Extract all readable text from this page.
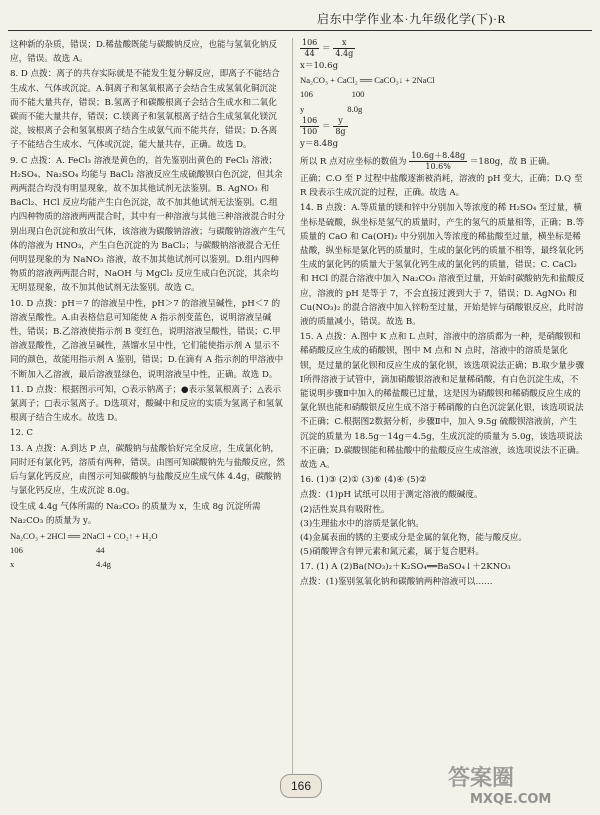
启东中学作业本·九年级化学(下)·R

这种新的杂质，错误；D.稀盐酸既能与碳酸钠反应，也能与氢氧化钠反应，错误。故选 A。

8. D 点拨：离子的共存实际就是不能发生复分解反应，即离子不能结合生成水、气体或沉淀。A.铜离子和氢氧根离子会结合生成氢氧化铜沉淀而不能大量共存，错误；B.氢离子和碳酸根离子会结合生成水和二氧化碳而不能大量共存，错误；C.镁离子和氢氧根离子结合生成氢氧化镁沉淀，铵根离子会和氢氧根离子结合生成氨气而不能共存，错误；D.各离子不能结合生成水、气体或沉淀，能大量共存，正确。故选 D。

9. C 点拨：A. FeCl₃ 溶液是黄色的，首先鉴别出黄色的 FeCl₃ 溶液；H₂SO₄、Na₂SO₄ 均能与 BaCl₂ 溶液反应生成硫酸钡白色沉淀，但其余两两混合均没有明显现象，故不加其他试剂无法鉴别。B. AgNO₃ 和 BaCl₂、HCl 反应均能产生白色沉淀，故不加其他试剂无法鉴别。C.组内四种物质的溶液两两混合时，其中有一种溶液与其他三种溶液混合时分别出现白色沉淀和放出气体，该溶液为碳酸钠溶液；与碳酸钠溶液产生气体的溶液为 HNO₃，产生白色沉淀的为 BaCl₂；与碳酸钠溶液混合无任何明显现象的为 NaNO₃ 溶液，故不加其他试剂可以鉴别。D.组内四种物质的溶液两两混合时，NaOH 与 MgCl₂ 反应生成白色沉淀，其余均无明显现象，故不加其他试剂无法鉴别。故选 C。

10. D 点拨：pH＝7 的溶液呈中性，pH＞7 的溶液呈碱性，pH＜7 的溶液呈酸性。A.由表格信息可知能使 A 指示剂变蓝色，说明溶液呈碱性，错误；B.乙溶液使指示剂 B 变红色，说明溶液呈酸性，错误；C.甲溶液显酸性，乙溶液呈碱性，蒸馏水呈中性，它们能使指示剂 A 显示不同的颜色，故能用指示剂 A 鉴别，错误；D.在滴有 A 指示剂的甲溶液中不断加入乙溶液，最后溶液显绿色，说明溶液呈中性，正确。故选 D。

11. D 点拨：根据图示可知，○表示钠离子；●表示氢氧根离子；△表示氯离子；□表示氢离子。D选项对，酸碱中和反应的实质为氢离子和氢氧根离子结合生成水。故选 D。

12. C

13. A 点拨：A.到达 P 点，碳酸钠与盐酸恰好完全反应，生成氯化钠，同时还有氯化钙，溶质有两种，错误。由图可知碳酸钠先与盐酸反应，然后与氯化钙反应，由图示可知碳酸钠与盐酸反应生成气体 4.4g，碳酸钠与氯化钙反应，生成沉淀 8.0g。

设生成 4.4g 气体所需的 Na₂CO₃ 的质量为 x，生成 8g 沉淀所需 Na₂CO₃ 的质量为 y。

Na₂CO₃ + 2HCl ══ 2NaCl + CO₂↑ + H₂O

106                                  44

x                                      4.4g

$\frac{106}{44} = \frac{x}{4.4g}$

x＝10.6g

Na₂CO₃ + CaCl₂ ══ CaCO₃↓ + 2NaCl

106                  100

y                    8.0g

$\frac{106}{100} = \frac{y}{8g}$

y＝8.48g

所以 R 点对应坐标的数值为 $\frac{10.6g+8.48g}{10.6\%} =180g$，故 B 正确。

正确；C.O 至 P 过程中盐酸逐渐被消耗，溶液的 pH 变大，正确；D.Q 至 R 段表示生成沉淀的过程，正确。故选 A。

14. B 点拨：A.等质量的镁和锌中分别加入等浓度的稀 H₂SO₄ 至过量，横坐标是硫酸，纵坐标是氢气的质量时，产生的氢气的质量相等，正确；B.等质量的 CaO 和 Ca(OH)₂ 中分别加入等浓度的稀盐酸至过量，横坐标是稀盐酸，纵坐标是氯化钙的质量时，生成的氯化钙的质量不相等，最终氧化钙生成的氯化钙的质量大于氢氧化钙生成的氯化钙的质量，错误；C. CaCl₂ 和 HCl 的混合溶液中加入 Na₂CO₃ 溶液至过量，开始时碳酸钠先和盐酸反应，溶液的 pH 是等于 7，不会直接过渡到大于 7，错误；D. AgNO₃ 和 Cu(NO₃)₂ 的混合溶液中加入锌粉至过量，开始是锌与硝酸银反应，此时溶液的质量减小，错误。故选 B。

15. A 点拨：A.图中 K 点和 L 点时，溶液中的溶质都为一种，是硝酸钡和稀硝酸反应生成的硝酸钡，图中 M 点和 N 点时，溶液中的溶质是氯化钡，是过量的氯化钡和反应生成的氯化钡，该选项说法正确；B.取少量步骤Ⅰ所得溶液于试管中，滴加硝酸银溶液和足量稀硝酸，有白色沉淀生成，不能说明步骤Ⅱ中加入的稀盐酸已过量，这是因为硝酸钡和稀硝酸反应生成的氯化钡也能和硝酸银反应生成不溶于稀硝酸的白色沉淀氯化银，该选项说法不正确；C.根据图2数据分析，步骤Ⅱ中，加入 9.5g 硫酸钡溶液前，产生沉淀的质量为 18.5g－14g＝4.5g，生成沉淀的质量为 5.0g，该选项说法不正确；D.碳酸钡能和稀盐酸中的盐酸反应生成溶液，该选项说法不正确。故选 A。

16. (1)③ (2)① (3)⑥ (4)④ (5)②

点拨：(1)pH 试纸可以用于测定溶液的酸碱度。

(2)活性炭具有吸附性。

(3)生理盐水中的溶质是氯化钠。

(4)金属表面的锈的主要成分是金属的氧化物，能与酸反应。

(5)硝酸钾含有钾元素和氮元素，属于复合肥料。

17. (1) A (2)Ba(NO₃)₂＋K₂SO₄══BaSO₄↓＋2KNO₃

点拨：(1)鉴别氢氧化钠和碳酸钠两种溶液可以……

166	答案圈
MXQE.COM
